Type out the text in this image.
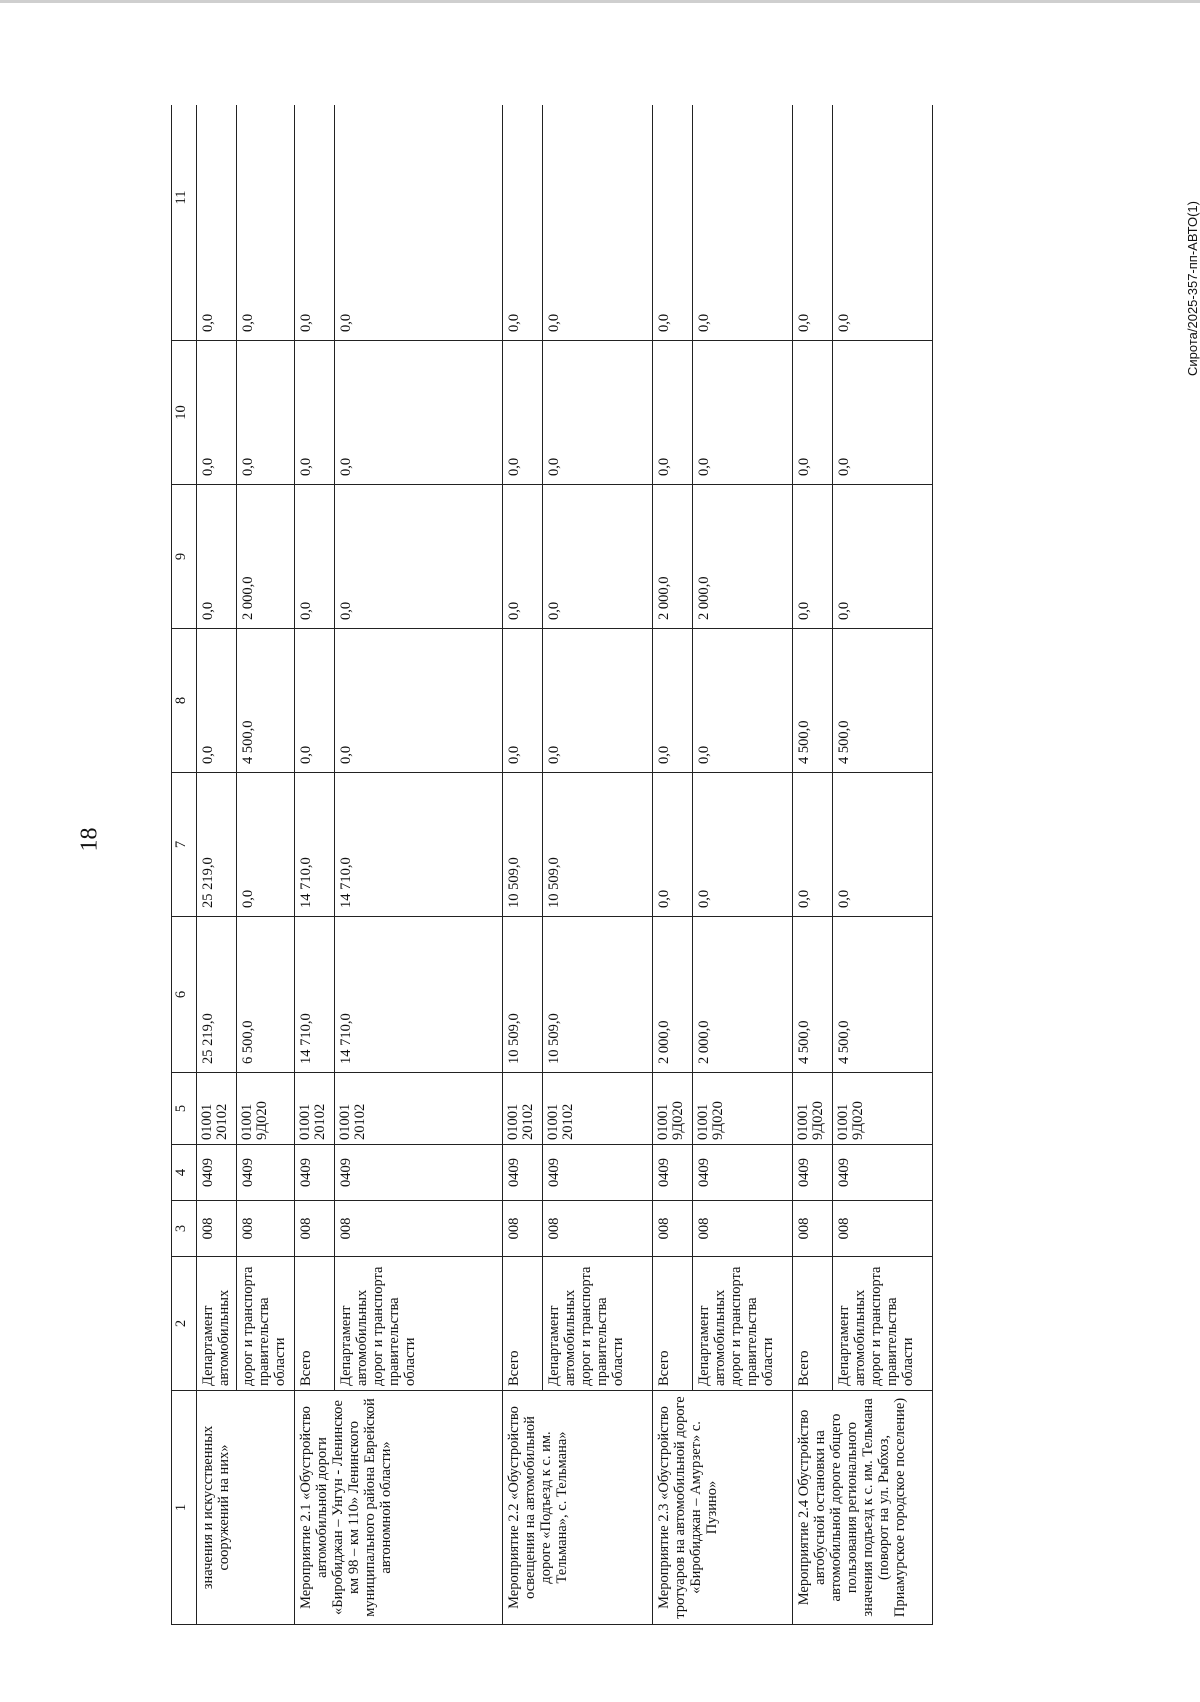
18
Сирота/2025-357-пп-АВТО(1)
1	2	3	4	5	6	7	8	9	10	11
значения и искусственных сооружений на них»	Департамент автомобильных	008	0409	01001 20102	25 219,0	25 219,0	0,0	0,0	0,0	0,0
	дорог и транспорта правительства области	008	0409	01001 9Д020	6 500,0	0,0	4 500,0	2 000,0	0,0	0,0
Мероприятие 2.1 «Обустройство автомобильной дороги «Биробиджан – Унгун - Ленинское км 98 – км 110» Ленинского муниципального района Еврейской автономной области»	Всего	008	0409	01001 20102	14 710,0	14 710,0	0,0	0,0	0,0	0,0
	Департамент автомобильных дорог и транспорта правительства области	008	0409	01001 20102	14 710,0	14 710,0	0,0	0,0	0,0	0,0
Мероприятие 2.2 «Обустройство освещения на автомобильной дороге «Подъезд к с. им. Тельмана», с. Тельмана»	Всего	008	0409	01001 20102	10 509,0	10 509,0	0,0	0,0	0,0	0,0
	Департамент автомобильных дорог и транспорта правительства области	008	0409	01001 20102	10 509,0	10 509,0	0,0	0,0	0,0	0,0
Мероприятие 2.3 «Обустройство тротуаров на автомобильной дороге «Биробиджан – Амурзет» с. Пузино»	Всего	008	0409	01001 9Д020	2 000,0	0,0	0,0	2 000,0	0,0	0,0
	Департамент автомобильных дорог и транспорта правительства области	008	0409	01001 9Д020	2 000,0	0,0	0,0	2 000,0	0,0	0,0
Мероприятие 2.4 Обустройство автобусной остановки на автомобильной дороге общего пользования регионального значения подъезд к с. им. Тельмана (поворот на ул. Рыбхоз, Приамурское городское поселение)	Всего	008	0409	01001 9Д020	4 500,0	0,0	4 500,0	0,0	0,0	0,0
	Департамент автомобильных дорог и транспорта правительства области	008	0409	01001 9Д020	4 500,0	0,0	4 500,0	0,0	0,0	0,0
